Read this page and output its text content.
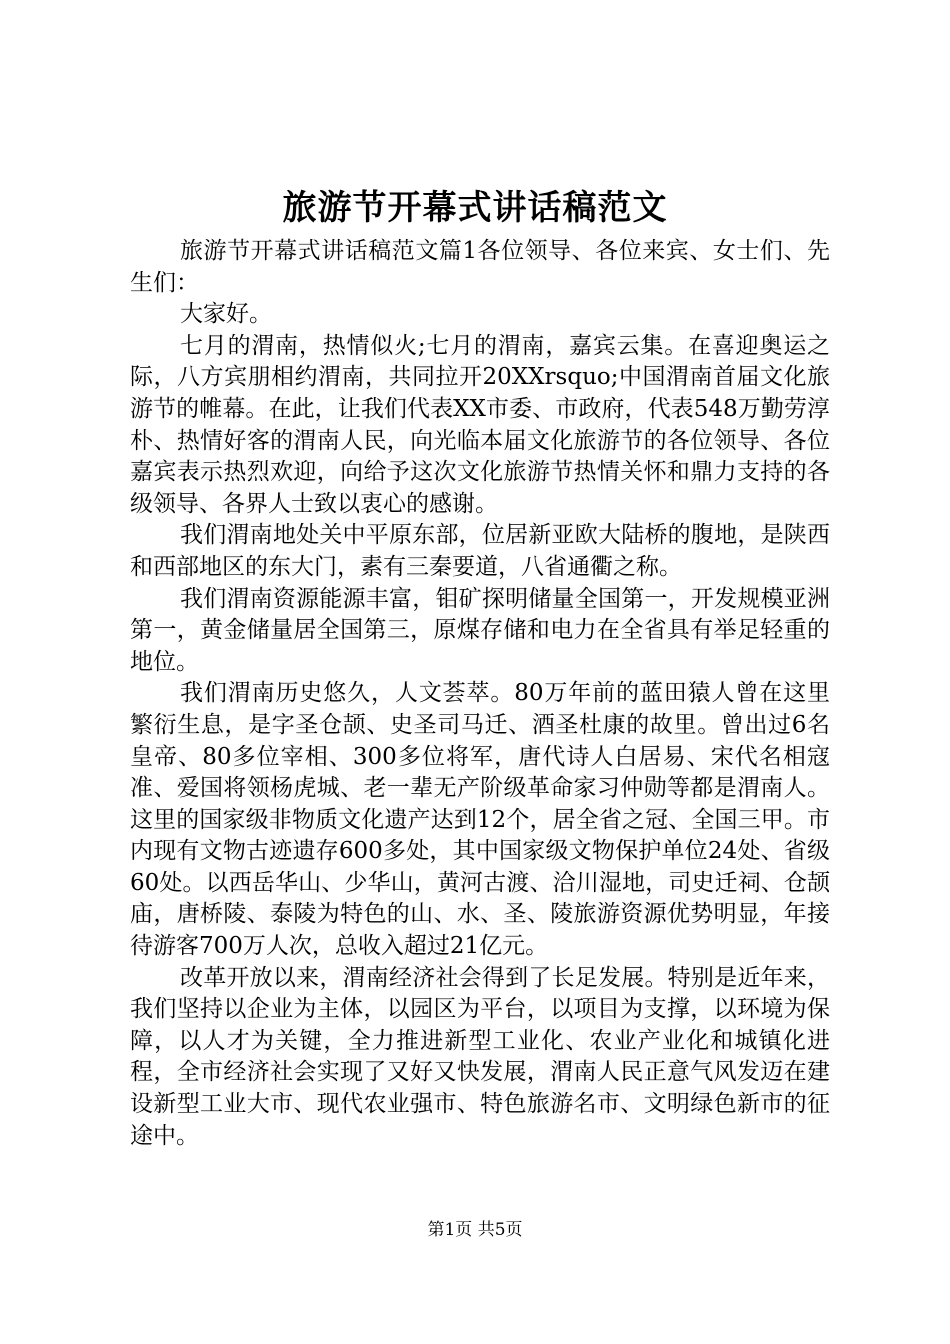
旅游节开幕式讲话稿范文

旅游节开幕式讲话稿范文篇1各位领导、各位来宾、女士们、先生们：

大家好。

七月的渭南，热情似火;七月的渭南，嘉宾云集。在喜迎奥运之际，八方宾朋相约渭南，共同拉开20XXrsquo;中国渭南首届文化旅游节的帷幕。在此，让我们代表XX市委、市政府，代表548万勤劳淳朴、热情好客的渭南人民，向光临本届文化旅游节的各位领导、各位嘉宾表示热烈欢迎，向给予这次文化旅游节热情关怀和鼎力支持的各级领导、各界人士致以衷心的感谢。

我们渭南地处关中平原东部，位居新亚欧大陆桥的腹地，是陕西和西部地区的东大门，素有三秦要道，八省通衢之称。

我们渭南资源能源丰富，钼矿探明储量全国第一，开发规模亚洲第一，黄金储量居全国第三，原煤存储和电力在全省具有举足轻重的地位。

我们渭南历史悠久，人文荟萃。80万年前的蓝田猿人曾在这里繁衍生息，是字圣仓颉、史圣司马迁、酒圣杜康的故里。曾出过6名皇帝、80多位宰相、300多位将军，唐代诗人白居易、宋代名相寇准、爱国将领杨虎城、老一辈无产阶级革命家习仲勋等都是渭南人。这里的国家级非物质文化遗产达到12个，居全省之冠、全国三甲。市内现有文物古迹遗存600多处，其中国家级文物保护单位24处、省级60处。以西岳华山、少华山，黄河古渡、洽川湿地，司史迁祠、仓颉庙，唐桥陵、泰陵为特色的山、水、圣、陵旅游资源优势明显，年接待游客700万人次，总收入超过21亿元。

改革开放以来，渭南经济社会得到了长足发展。特别是近年来，我们坚持以企业为主体，以园区为平台，以项目为支撑，以环境为保障，以人才为关键，全力推进新型工业化、农业产业化和城镇化进程，全市经济社会实现了又好又快发展，渭南人民正意气风发迈在建设新型工业大市、现代农业强市、特色旅游名市、文明绿色新市的征途中。

第1页 共5页
